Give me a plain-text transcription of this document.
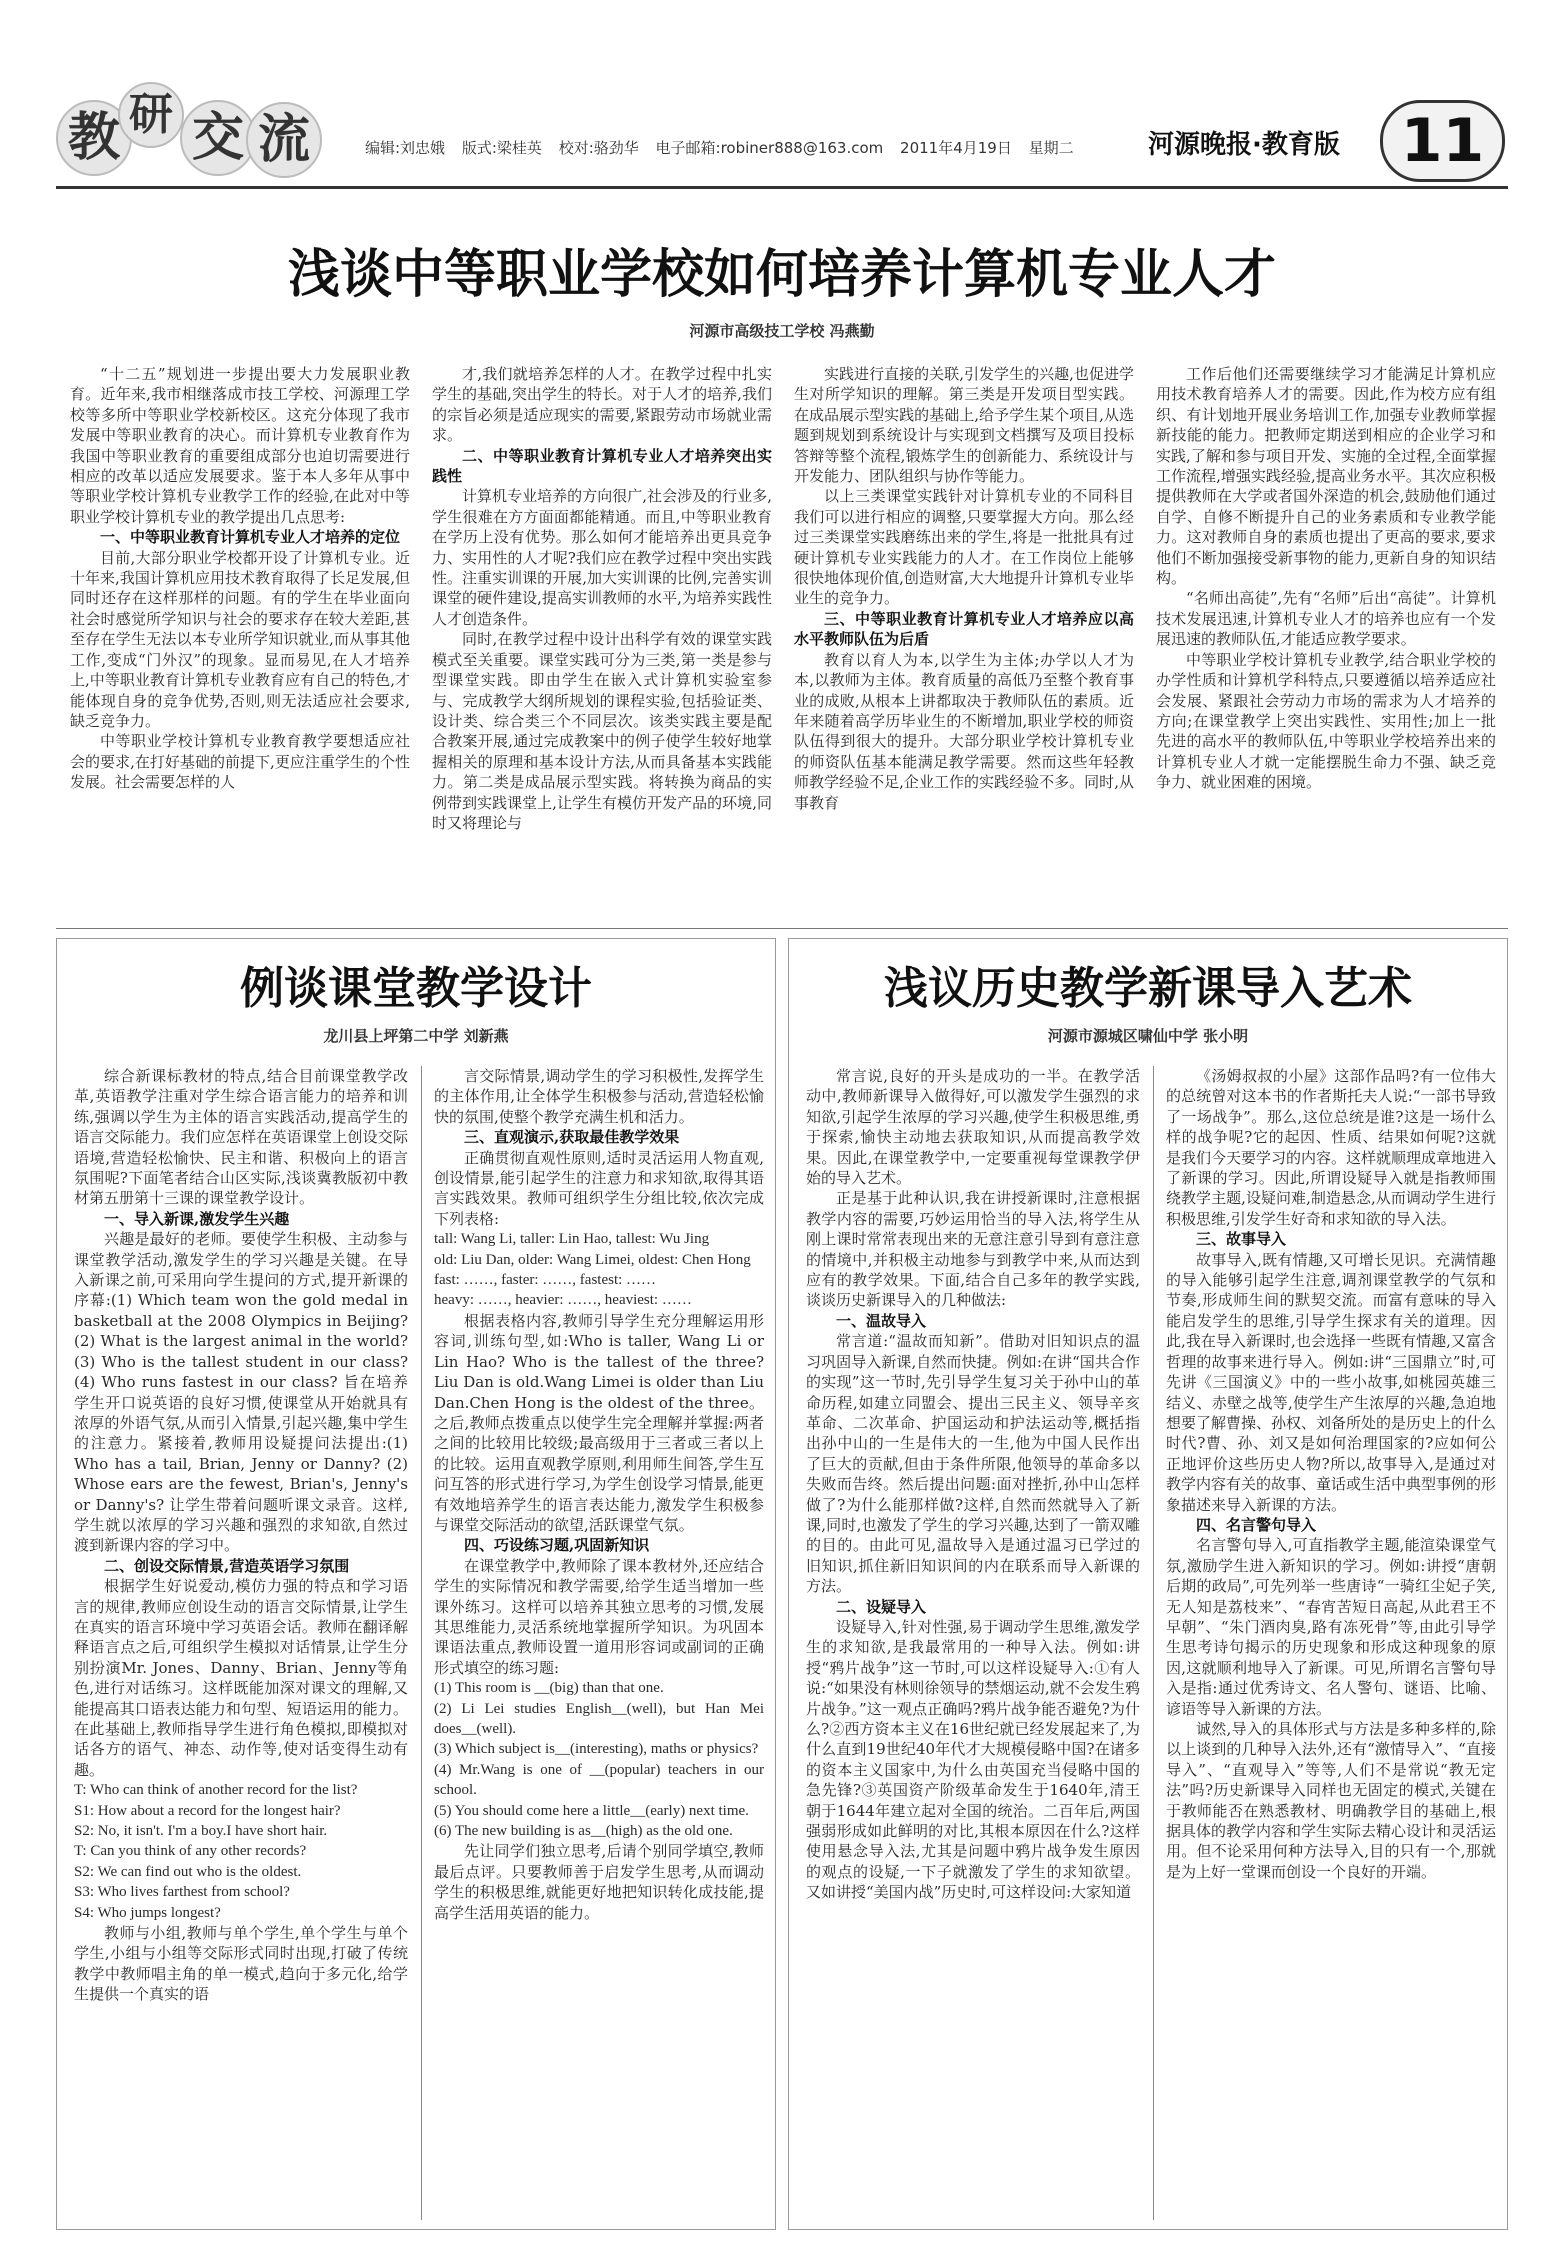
教 研 交 流	编辑:刘忠娥 版式:梁桂英 校对:骆劲华 电子邮箱:robiner888@163.com 2011年4月19日 星期二	河源晚报·教育版	11
浅谈中等职业学校如何培养计算机专业人才
河源市高级技工学校 冯燕勤

“十二五”规划进一步提出要大力发展职业教育。近年来,我市相继落成市技工学校、河源理工学校等多所中等职业学校新校区。这充分体现了我市发展中等职业教育的决心。而计算机专业教育作为我国中等职业教育的重要组成部分也迫切需要进行相应的改革以适应发展要求。鉴于本人多年从事中等职业学校计算机专业教学工作的经验,在此对中等职业学校计算机专业的教学提出几点思考:

一、中等职业教育计算机专业人才培养的定位

目前,大部分职业学校都开设了计算机专业。近十年来,我国计算机应用技术教育取得了长足发展,但同时还存在这样那样的问题。有的学生在毕业面向社会时感觉所学知识与社会的要求存在较大差距,甚至存在学生无法以本专业所学知识就业,而从事其他工作,变成“门外汉”的现象。显而易见,在人才培养上,中等职业教育计算机专业教育应有自己的特色,才能体现自身的竞争优势,否则,则无法适应社会要求,缺乏竞争力。

中等职业学校计算机专业教育教学要想适应社会的要求,在打好基础的前提下,更应注重学生的个性发展。社会需要怎样的人

才,我们就培养怎样的人才。在教学过程中扎实学生的基础,突出学生的特长。对于人才的培养,我们的宗旨必须是适应现实的需要,紧跟劳动市场就业需求。

二、中等职业教育计算机专业人才培养突出实践性

计算机专业培养的方向很广,社会涉及的行业多,学生很难在方方面面都能精通。而且,中等职业教育在学历上没有优势。那么如何才能培养出更具竞争力、实用性的人才呢?我们应在教学过程中突出实践性。注重实训课的开展,加大实训课的比例,完善实训课堂的硬件建设,提高实训教师的水平,为培养实践性人才创造条件。

同时,在教学过程中设计出科学有效的课堂实践模式至关重要。课堂实践可分为三类,第一类是参与型课堂实践。即由学生在嵌入式计算机实验室参与、完成教学大纲所规划的课程实验,包括验证类、设计类、综合类三个不同层次。该类实践主要是配合教案开展,通过完成教案中的例子使学生较好地掌握相关的原理和基本设计方法,从而具备基本实践能力。第二类是成品展示型实践。将转换为商品的实例带到实践课堂上,让学生有模仿开发产品的环境,同时又将理论与

实践进行直接的关联,引发学生的兴趣,也促进学生对所学知识的理解。第三类是开发项目型实践。在成品展示型实践的基础上,给予学生某个项目,从选题到规划到系统设计与实现到文档撰写及项目投标答辩等整个流程,锻炼学生的创新能力、系统设计与开发能力、团队组织与协作等能力。

以上三类课堂实践针对计算机专业的不同科目我们可以进行相应的调整,只要掌握大方向。那么经过三类课堂实践磨练出来的学生,将是一批批具有过硬计算机专业实践能力的人才。在工作岗位上能够很快地体现价值,创造财富,大大地提升计算机专业毕业生的竞争力。

三、中等职业教育计算机专业人才培养应以高水平教师队伍为后盾

教育以育人为本,以学生为主体;办学以人才为本,以教师为主体。教育质量的高低乃至整个教育事业的成败,从根本上讲都取决于教师队伍的素质。近年来随着高学历毕业生的不断增加,职业学校的师资队伍得到很大的提升。大部分职业学校计算机专业的师资队伍基本能满足教学需要。然而这些年轻教师教学经验不足,企业工作的实践经验不多。同时,从事教育

工作后他们还需要继续学习才能满足计算机应用技术教育培养人才的需要。因此,作为校方应有组织、有计划地开展业务培训工作,加强专业教师掌握新技能的能力。把教师定期送到相应的企业学习和实践,了解和参与项目开发、实施的全过程,全面掌握工作流程,增强实践经验,提高业务水平。其次应积极提供教师在大学或者国外深造的机会,鼓励他们通过自学、自修不断提升自己的业务素质和专业教学能力。这对教师自身的素质也提出了更高的要求,要求他们不断加强接受新事物的能力,更新自身的知识结构。

“名师出高徒”,先有“名师”后出“高徒”。计算机技术发展迅速,计算机专业人才的培养也应有一个发展迅速的教师队伍,才能适应教学要求。

中等职业学校计算机专业教学,结合职业学校的办学性质和计算机学科特点,只要遵循以培养适应社会发展、紧跟社会劳动力市场的需求为人才培养的方向;在课堂教学上突出实践性、实用性;加上一批先进的高水平的教师队伍,中等职业学校培养出来的计算机专业人才就一定能摆脱生命力不强、缺乏竞争力、就业困难的困境。

例谈课堂教学设计
龙川县上坪第二中学 刘新燕

综合新课标教材的特点,结合目前课堂教学改革,英语教学注重对学生综合语言能力的培养和训练,强调以学生为主体的语言实践活动,提高学生的语言交际能力。我们应怎样在英语课堂上创设交际语境,营造轻松愉快、民主和谐、积极向上的语言氛围呢?下面笔者结合山区实际,浅谈冀教版初中教材第五册第十三课的课堂教学设计。

一、导入新课,激发学生兴趣

兴趣是最好的老师。要使学生积极、主动参与课堂教学活动,激发学生的学习兴趣是关键。在导入新课之前,可采用向学生提问的方式,提开新课的序幕:(1) Which team won the gold medal in basketball at the 2008 Olympics in Beijing? (2) What is the largest animal in the world? (3) Who is the tallest student in our class? (4) Who runs fastest in our class? 旨在培养学生开口说英语的良好习惯,使课堂从开始就具有浓厚的外语气氛,从而引入情景,引起兴趣,集中学生的注意力。紧接着,教师用设疑提问法提出:(1) Who has a tail, Brian, Jenny or Danny? (2) Whose ears are the fewest, Brian's, Jenny's or Danny's? 让学生带着问题听课文录音。这样,学生就以浓厚的学习兴趣和强烈的求知欲,自然过渡到新课内容的学习中。

二、创设交际情景,营造英语学习氛围

根据学生好说爱动,模仿力强的特点和学习语言的规律,教师应创设生动的语言交际情景,让学生在真实的语言环境中学习英语会话。教师在翻译解释语言点之后,可组织学生模拟对话情景,让学生分别扮演Mr. Jones、Danny、Brian、Jenny等角色,进行对话练习。这样既能加深对课文的理解,又能提高其口语表达能力和句型、短语运用的能力。在此基础上,教师指导学生进行角色模拟,即模拟对话各方的语气、神态、动作等,使对话变得生动有趣。

T: Who can think of another record for the list?

S1: How about a record for the longest hair?

S2: No, it isn't. I'm a boy.I have short hair.

T: Can you think of any other records?

S2: We can find out who is the oldest.

S3: Who lives farthest from school?

S4: Who jumps longest?

教师与小组,教师与单个学生,单个学生与单个学生,小组与小组等交际形式同时出现,打破了传统教学中教师唱主角的单一模式,趋向于多元化,给学生提供一个真实的语

言交际情景,调动学生的学习积极性,发挥学生的主体作用,让全体学生积极参与活动,营造轻松愉快的氛围,使整个教学充满生机和活力。

三、直观演示,获取最佳教学效果

正确贯彻直观性原则,适时灵活运用人物直观,创设情景,能引起学生的注意力和求知欲,取得其语言实践效果。教师可组织学生分组比较,依次完成下列表格:

tall: Wang Li, taller: Lin Hao, tallest: Wu Jing

old: Liu Dan, older: Wang Limei, oldest: Chen Hong

fast: ……, faster: ……, fastest: ……

heavy: ……, heavier: ……, heaviest: ……

根据表格内容,教师引导学生充分理解运用形容词,训练句型,如:Who is taller, Wang Li or Lin Hao? Who is the tallest of the three? Liu Dan is old.Wang Limei is older than Liu Dan.Chen Hong is the oldest of the three。之后,教师点拨重点以使学生完全理解并掌握:两者之间的比较用比较级;最高级用于三者或三者以上的比较。运用直观教学原则,利用师生间答,学生互问互答的形式进行学习,为学生创设学习情景,能更有效地培养学生的语言表达能力,激发学生积极参与课堂交际活动的欲望,活跃课堂气氛。

四、巧设练习题,巩固新知识

在课堂教学中,教师除了课本教材外,还应结合学生的实际情况和教学需要,给学生适当增加一些课外练习。这样可以培养其独立思考的习惯,发展其思维能力,灵活系统地掌握所学知识。为巩固本课语法重点,教师设置一道用形容词或副词的正确形式填空的练习题:

(1) This room is __(big) than that one.

(2) Li Lei studies English__(well), but Han Mei does__(well).

(3) Which subject is__(interesting), maths or physics?

(4) Mr.Wang is one of __(popular) teachers in our school.

(5) You should come here a little__(early) next time.

(6) The new building is as__(high) as the old one.

先让同学们独立思考,后请个别同学填空,教师最后点评。只要教师善于启发学生思考,从而调动学生的积极思维,就能更好地把知识转化成技能,提高学生活用英语的能力。

浅议历史教学新课导入艺术
河源市源城区啸仙中学 张小明

常言说,良好的开头是成功的一半。在教学活动中,教师新课导入做得好,可以激发学生强烈的求知欲,引起学生浓厚的学习兴趣,使学生积极思维,勇于探索,愉快主动地去获取知识,从而提高教学效果。因此,在课堂教学中,一定要重视每堂课教学伊始的导入艺术。

正是基于此种认识,我在讲授新课时,注意根据教学内容的需要,巧妙运用恰当的导入法,将学生从刚上课时常常表现出来的无意注意引导到有意注意的情境中,并积极主动地参与到教学中来,从而达到应有的教学效果。下面,结合自己多年的教学实践,谈谈历史新课导入的几种做法:

一、温故导入

常言道:“温故而知新”。借助对旧知识点的温习巩固导入新课,自然而快捷。例如:在讲“国共合作的实现”这一节时,先引导学生复习关于孙中山的革命历程,如建立同盟会、提出三民主义、领导辛亥革命、二次革命、护国运动和护法运动等,概括指出孙中山的一生是伟大的一生,他为中国人民作出了巨大的贡献,但由于条件所限,他领导的革命多以失败而告终。然后提出问题:面对挫折,孙中山怎样做了?为什么能那样做?这样,自然而然就导入了新课,同时,也激发了学生的学习兴趣,达到了一箭双雕的目的。由此可见,温故导入是通过温习已学过的旧知识,抓住新旧知识间的内在联系而导入新课的方法。

二、设疑导入

设疑导入,针对性强,易于调动学生思维,激发学生的求知欲,是我最常用的一种导入法。例如:讲授“鸦片战争”这一节时,可以这样设疑导入:①有人说:“如果没有林则徐领导的禁烟运动,就不会发生鸦片战争。”这一观点正确吗?鸦片战争能否避免?为什么?②西方资本主义在16世纪就已经发展起来了,为什么直到19世纪40年代才大规模侵略中国?在诸多的资本主义国家中,为什么由英国充当侵略中国的急先锋?③英国资产阶级革命发生于1640年,清王朝于1644年建立起对全国的统治。二百年后,两国强弱形成如此鲜明的对比,其根本原因在什么?这样使用悬念导入法,尤其是问题中鸦片战争发生原因的观点的设疑,一下子就激发了学生的求知欲望。又如讲授“美国内战”历史时,可这样设问:大家知道

《汤姆叔叔的小屋》这部作品吗?有一位伟大的总统曾对这本书的作者斯托夫人说:“一部书导致了一场战争”。那么,这位总统是谁?这是一场什么样的战争呢?它的起因、性质、结果如何呢?这就是我们今天要学习的内容。这样就顺理成章地进入了新课的学习。因此,所谓设疑导入就是指教师围绕教学主题,设疑问难,制造悬念,从而调动学生进行积极思维,引发学生好奇和求知欲的导入法。

三、故事导入

故事导入,既有情趣,又可增长见识。充满情趣的导入能够引起学生注意,调剂课堂教学的气氛和节奏,形成师生间的默契交流。而富有意味的导入能启发学生的思维,引导学生探求有关的道理。因此,我在导入新课时,也会选择一些既有情趣,又富含哲理的故事来进行导入。例如:讲“三国鼎立”时,可先讲《三国演义》中的一些小故事,如桃园英雄三结义、赤壁之战等,使学生产生浓厚的兴趣,急迫地想要了解曹操、孙权、刘备所处的是历史上的什么时代?曹、孙、刘又是如何治理国家的?应如何公正地评价这些历史人物?所以,故事导入,是通过对教学内容有关的故事、童话或生活中典型事例的形象描述来导入新课的方法。

四、名言警句导入

名言警句导入,可直指教学主题,能渲染课堂气氛,激励学生进入新知识的学习。例如:讲授“唐朝后期的政局”,可先列举一些唐诗“一骑红尘妃子笑,无人知是荔枝来”、“春宵苦短日高起,从此君王不早朝”、“朱门酒肉臭,路有冻死骨”等,由此引导学生思考诗句揭示的历史现象和形成这种现象的原因,这就顺利地导入了新课。可见,所谓名言警句导入是指:通过优秀诗文、名人警句、谜语、比喻、谚语等导入新课的方法。

诚然,导入的具体形式与方法是多种多样的,除以上谈到的几种导入法外,还有“激情导入”、“直接导入”、“直观导入”等等,人们不是常说“教无定法”吗?历史新课导入同样也无固定的模式,关键在于教师能否在熟悉教材、明确教学目的基础上,根据具体的教学内容和学生实际去精心设计和灵活运用。但不论采用何种方法导入,目的只有一个,那就是为上好一堂课而创设一个良好的开端。
